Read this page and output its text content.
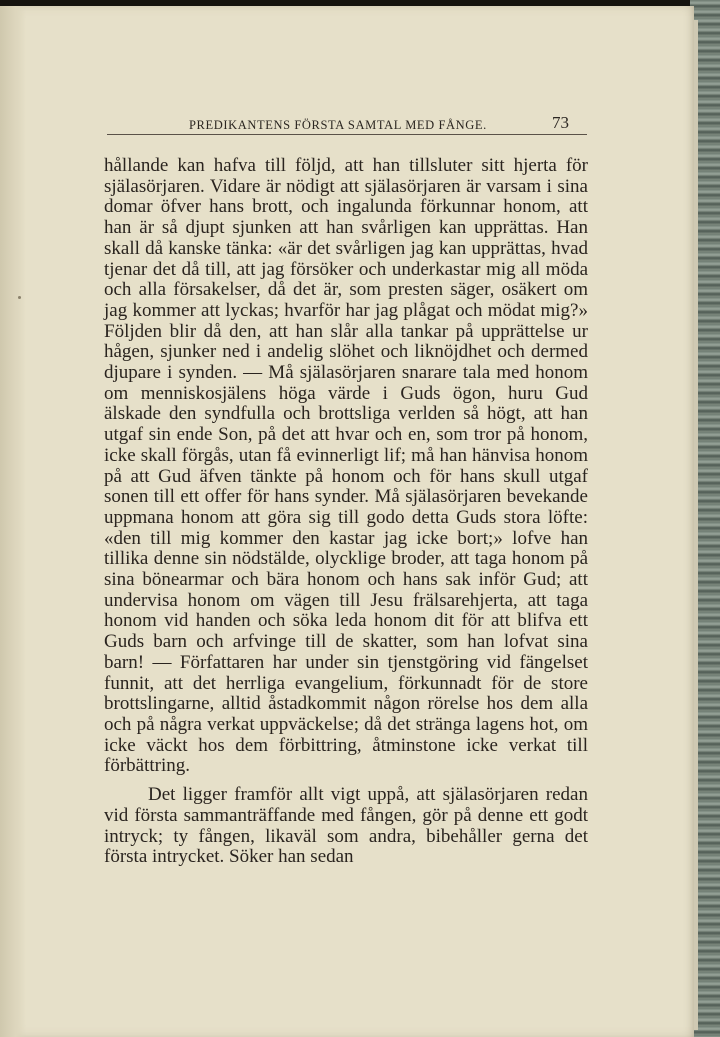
PREDIKANTENS FÖRSTA SAMTAL MED FÅNGE.	73

hållande kan hafva till följd, att han tillsluter sitt hjerta för själasörjaren. Vidare är nödigt att själasörjaren är varsam i sina domar öfver hans brott, och ingalunda förkunnar honom, att han är så djupt sjunken att han svårligen kan upprättas. Han skall då kanske tänka: «är det svårligen jag kan upprättas, hvad tjenar det då till, att jag försöker och underkastar mig all möda och alla försakelser, då det är, som presten säger, osäkert om jag kommer att lyckas; hvarför har jag plågat och mödat mig?» Följden blir då den, att han slår alla tankar på upprättelse ur hågen, sjunker ned i andelig slöhet och liknöjdhet och dermed djupare i synden. — Må själasörjaren snarare tala med honom om menniskosjälens höga värde i Guds ögon, huru Gud älskade den syndfulla och brottsliga verlden så högt, att han utgaf sin ende Son, på det att hvar och en, som tror på honom, icke skall förgås, utan få evinnerligt lif; må han hänvisa honom på att Gud äfven tänkte på honom och för hans skull utgaf sonen till ett offer för hans synder. Må själasörjaren bevekande uppmana honom att göra sig till godo detta Guds stora löfte: «den till mig kommer den kastar jag icke bort;» lofve han tillika denne sin nödstälde, olycklige broder, att taga honom på sina bönearmar och bära honom och hans sak inför Gud; att undervisa honom om vägen till Jesu frälsarehjerta, att taga honom vid handen och söka leda honom dit för att blifva ett Guds barn och arfvinge till de skatter, som han lofvat sina barn! — Författaren har under sin tjenstgöring vid fängelset funnit, att det herrliga evangelium, förkunnadt för de store brottslingarne, alltid åstadkommit någon rörelse hos dem alla och på några verkat uppväckelse; då det stränga lagens hot, om icke väckt hos dem förbittring, åtminstone icke verkat till förbättring.

Det ligger framför allt vigt uppå, att själasörjaren redan vid första sammanträffande med fången, gör på denne ett godt intryck; ty fången, likaväl som andra, bibehåller gerna det första intrycket. Söker han sedan
